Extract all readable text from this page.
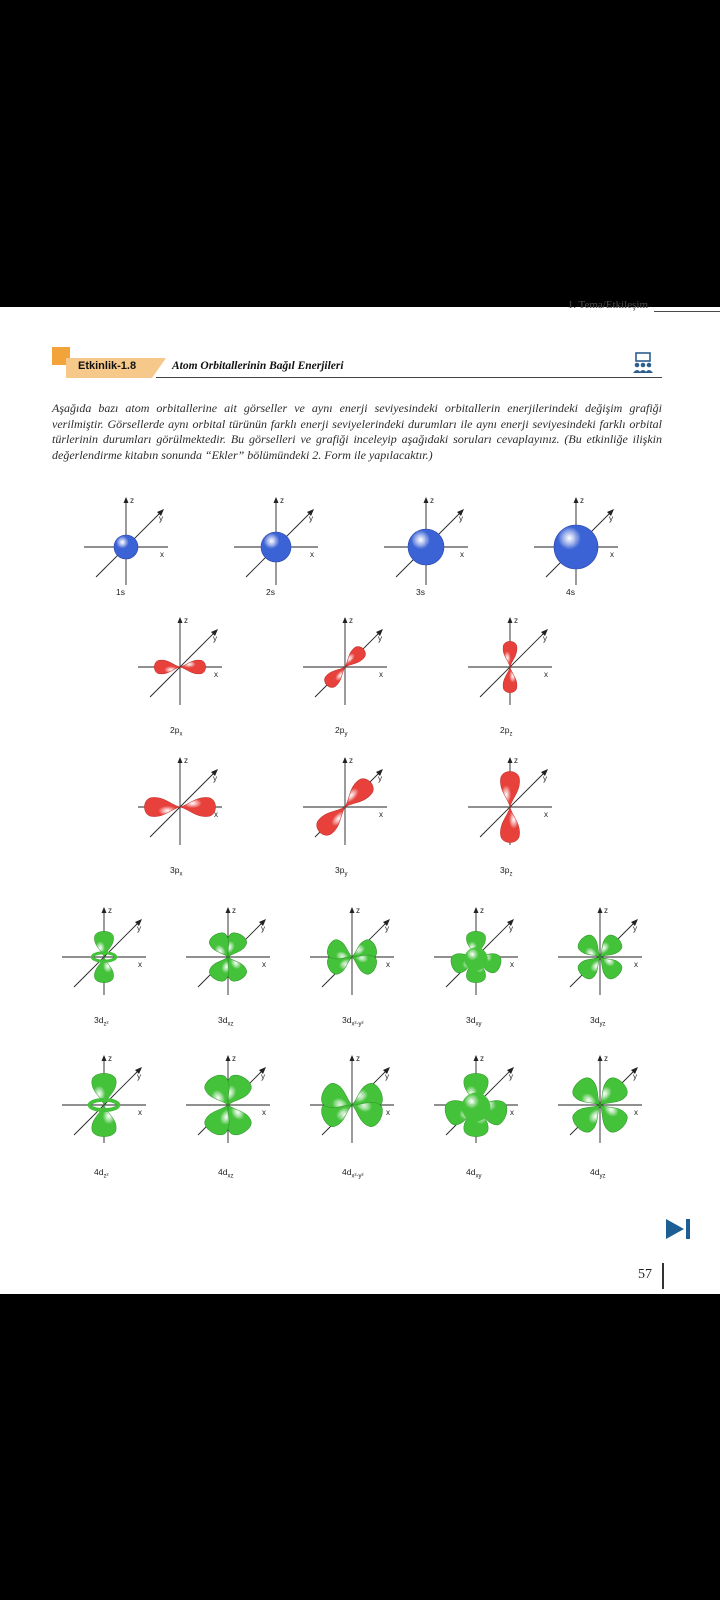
1. Tema/Etkileşim
Etkinlik-1.8	Atom Orbitallerinin Bağıl Enerjileri

Aşağıda bazı atom orbitallerine ait görseller ve aynı enerji seviyesindeki orbitallerin enerjilerindeki değişim grafiği verilmiştir. Görsellerde aynı orbital türünün farklı enerji seviyelerindeki durumları ile aynı enerji seviyesindeki farklı orbital türlerinin durumları görülmektedir. Bu görselleri ve grafiği inceleyip aşağıdaki soruları cevaplayınız. (Bu etkinliğe ilişkin değerlendirme kitabın sonunda “Ekler” bölümündeki 2. Form ile yapılacaktır.)

z
y
x
1s
z
y
x
2s
z
y
x
3s
z
y
x
4s
z
y
x
$2p_x$
z
y
x
$2p_y$
z
y
x
$2p_z$
z
y
x
$3p_x$
z
y
x
$3p_y$
z
y
x
$3p_z$
z
y
x
$3d_{z^2}$
z
y
x
$3d_{xz}$
z
y
x
$3d_{x^2-y^2}$
z
y
x
$3d_{xy}$
z
y
x
$3d_{yz}$
z
y
x
$4d_{z^2}$
z
y
x
$4d_{xz}$
z
y
x
$4d_{x^2-y^2}$
z
y
x
$4d_{xy}$
z
y
x
$4d_{yz}$
57
